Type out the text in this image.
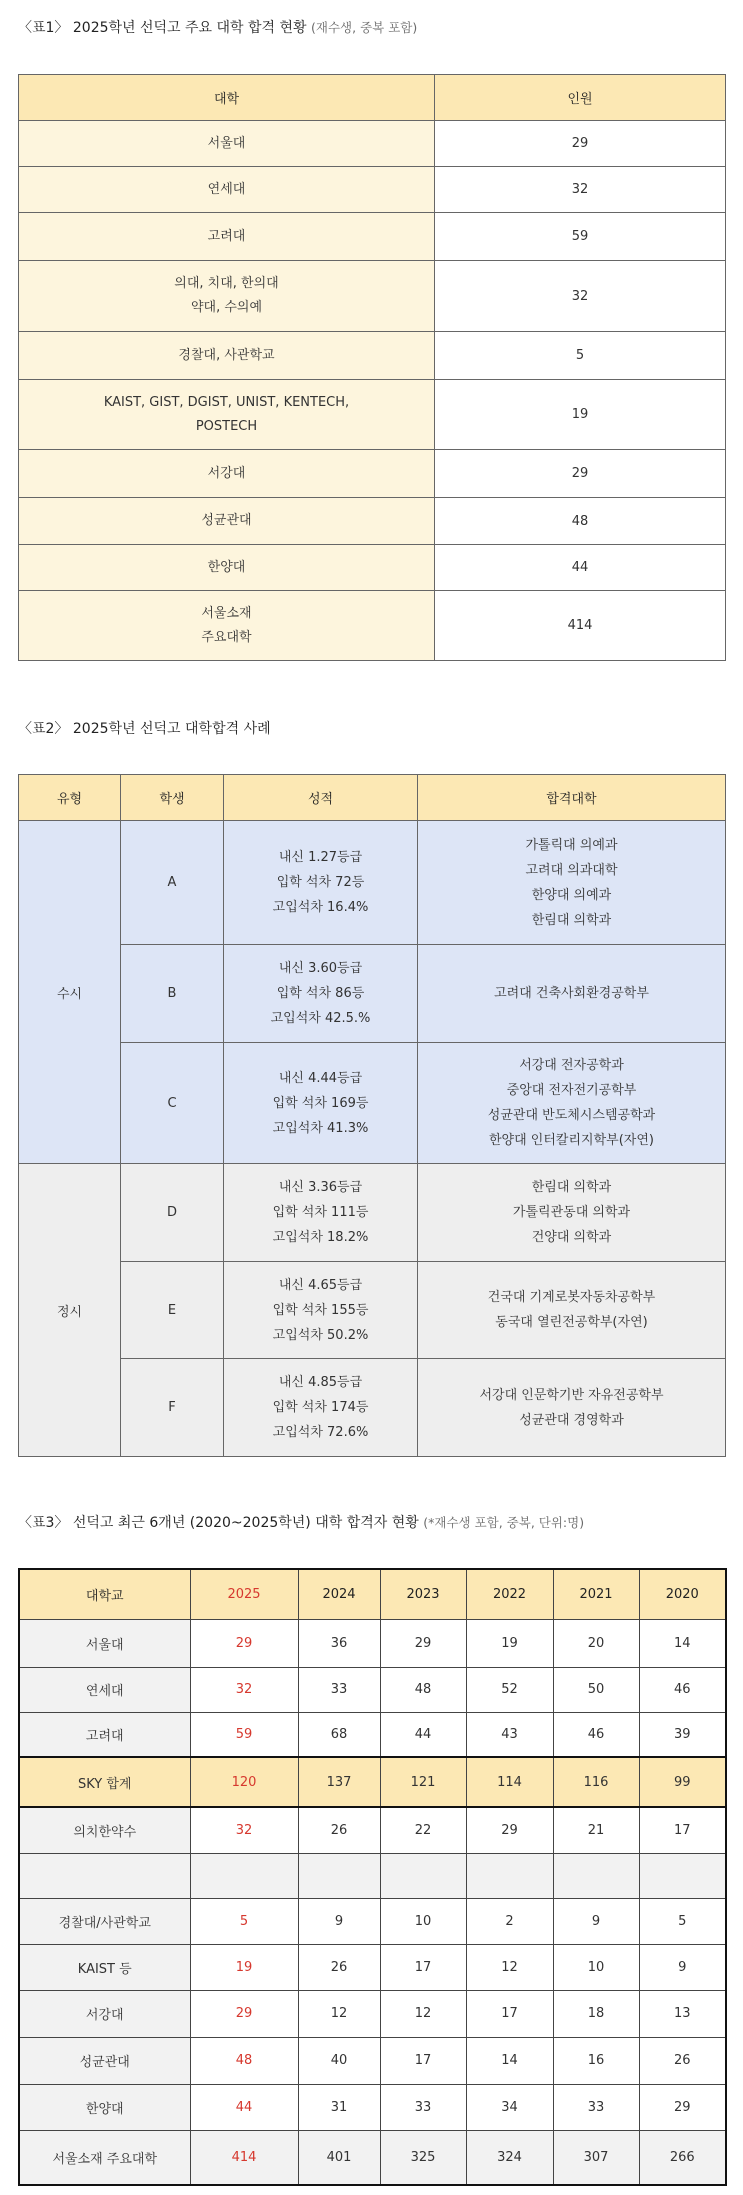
〈표1〉 2025학년 선덕고 주요 대학 합격 현황 (재수생, 중복 포함)
대학	인원

서울대	29

연세대	32

고려대	59

의대, 치대, 한의대
약대, 수의예	32

경찰대, 사관학교	5

KAIST, GIST, DGIST, UNIST, KENTECH,
POSTECH	19

서강대	29

성균관대	48

한양대	44

서울소재
주요대학	414
〈표2〉 2025학년 선덕고 대학합격 사례
유형	학생	성적	합격대학
수시	A	내신 1.27등급
입학 석차 72등
고입석차 16.4%	가톨릭대 의예과
고려대 의과대학
한양대 의예과
한림대 의학과

	B	내신 3.60등급
입학 석차 86등
고입석차 42.5.%	고려대 건축사회환경공학부

	C	내신 4.44등급
입학 석차 169등
고입석차 41.3%	서강대 전자공학과
중앙대 전자전기공학부
성균관대 반도체시스템공학과
한양대 인터칼리지학부(자연)

정시	D	내신 3.36등급
입학 석차 111등
고입석차 18.2%	한림대 의학과
가톨릭관동대 의학과
건양대 의학과

	E	내신 4.65등급
입학 석차 155등
고입석차 50.2%	건국대 기계로봇자동차공학부
동국대 열린전공학부(자연)

	F	내신 4.85등급
입학 석차 174등
고입석차 72.6%	서강대 인문학기반 자유전공학부
성균관대 경영학과
〈표3〉 선덕고 최근 6개년 (2020~2025학년) 대학 합격자 현황 (*재수생 포함, 중복, 단위:명)
대학교	2025	2024	2023	2022	2021	2020
서울대	29	36	29	19	20	14
연세대	32	33	48	52	50	46
고려대	59	68	44	43	46	39
SKY 합계	120	137	121	114	116	99
의치한약수	32	26	22	29	21	17

경찰대/사관학교	5	9	10	2	9	5
KAIST 등	19	26	17	12	10	9
서강대	29	12	12	17	18	13
성균관대	48	40	17	14	16	26
한양대	44	31	33	34	33	29
서울소재 주요대학	414	401	325	324	307	266
